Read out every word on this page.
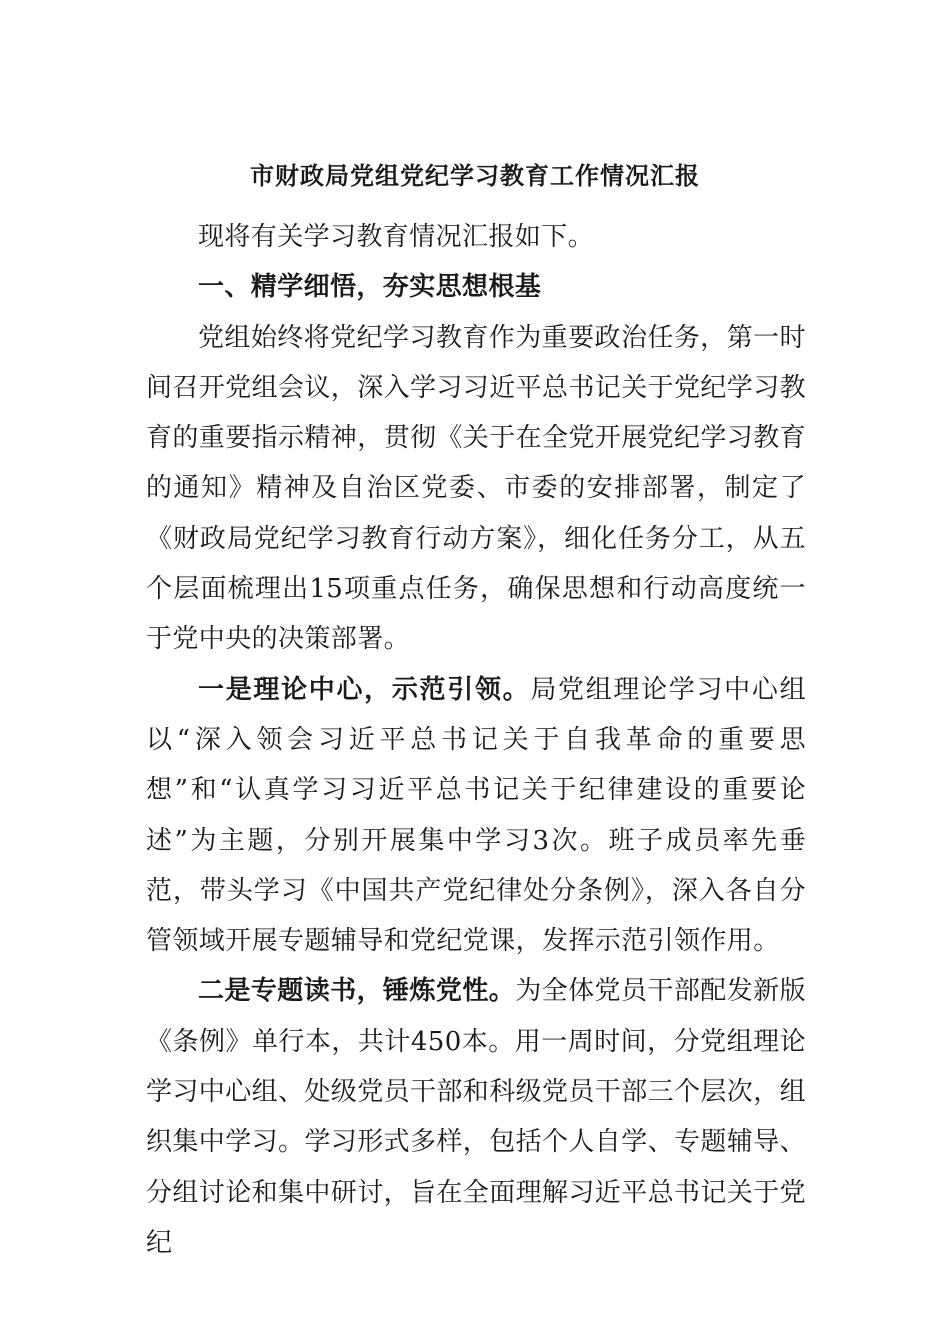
市财政局党组党纪学习教育工作情况汇报

现将有关学习教育情况汇报如下。

一、精学细悟，夯实思想根基

党组始终将党纪学习教育作为重要政治任务，第一时间召开党组会议，深入学习习近平总书记关于党纪学习教育的重要指示精神，贯彻《关于在全党开展党纪学习教育的通知》精神及自治区党委、市委的安排部署，制定了《财政局党纪学习教育行动方案》，细化任务分工，从五个层面梳理出15项重点任务，确保思想和行动高度统一于党中央的决策部署。

一是理论中心，示范引领。局党组理论学习中心组以“深入领会习近平总书记关于自我革命的重要思想”和“认真学习习近平总书记关于纪律建设的重要论述”为主题，分别开展集中学习3次。班子成员率先垂范，带头学习《中国共产党纪律处分条例》，深入各自分管领域开展专题辅导和党纪党课，发挥示范引领作用。

二是专题读书，锤炼党性。为全体党员干部配发新版《条例》单行本，共计450本。用一周时间，分党组理论学习中心组、处级党员干部和科级党员干部三个层次，组织集中学习。学习形式多样，包括个人自学、专题辅导、分组讨论和集中研讨，旨在全面理解习近平总书记关于党纪
